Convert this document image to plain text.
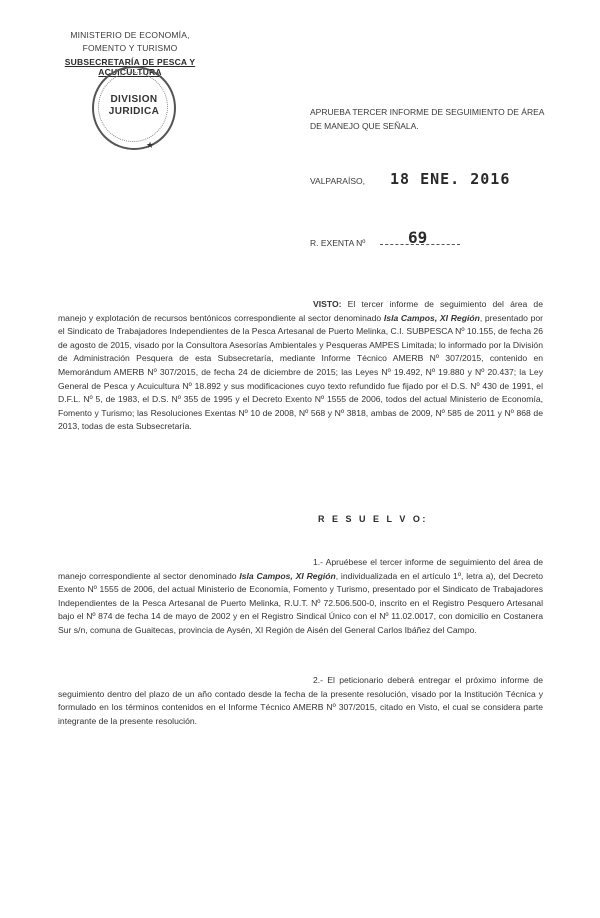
MINISTERIO DE ECONOMÍA,
FOMENTO Y TURISMO
SUBSECRETARÍA DE PESCA Y ACUICULTURA
DIVISION
JURIDICA
★
APRUEBA TERCER INFORME DE SEGUIMIENTO DE ÁREA DE MANEJO QUE SEÑALA.
VALPARAÍSO, 18 ENE. 2016
R. EXENTA Nº	69
VISTO: El tercer informe de seguimiento del área de manejo y explotación de recursos bentónicos correspondiente al sector denominado Isla Campos, XI Región, presentado por el Sindicato de Trabajadores Independientes de la Pesca Artesanal de Puerto Melinka, C.I. SUBPESCA Nº 10.155, de fecha 26 de agosto de 2015, visado por la Consultora Asesorías Ambientales y Pesqueras AMPES Limitada; lo informado por la División de Administración Pesquera de esta Subsecretaría, mediante Informe Técnico AMERB Nº 307/2015, contenido en Memorándum AMERB Nº 307/2015, de fecha 24 de diciembre de 2015; las Leyes Nº 19.492, Nº 19.880 y Nº 20.437; la Ley General de Pesca y Acuicultura Nº 18.892 y sus modificaciones cuyo texto refundido fue fijado por el D.S. Nº 430 de 1991, el D.F.L. Nº 5, de 1983, el D.S. Nº 355 de 1995 y el Decreto Exento Nº 1555 de 2006, todos del actual Ministerio de Economía, Fomento y Turismo; las Resoluciones Exentas Nº 10 de 2008, Nº 568 y Nº 3818, ambas de 2009, Nº 585 de 2011 y Nº 868 de 2013, todas de esta Subsecretaría.
R E S U E L V O:
1.- Apruébese el tercer informe de seguimiento del área de manejo correspondiente al sector denominado Isla Campos, XI Región, individualizada en el artículo 1º, letra a), del Decreto Exento Nº 1555 de 2006, del actual Ministerio de Economía, Fomento y Turismo, presentado por el Sindicato de Trabajadores Independientes de la Pesca Artesanal de Puerto Melinka, R.U.T. Nº 72.506.500-0, inscrito en el Registro Pesquero Artesanal bajo el Nº 874 de fecha 14 de mayo de 2002 y en el Registro Sindical Único con el Nº 11.02.0017, con domicilio en Costanera Sur s/n, comuna de Guaitecas, provincia de Aysén, XI Región de Aisén del General Carlos Ibáñez del Campo.
2.- El peticionario deberá entregar el próximo informe de seguimiento dentro del plazo de un año contado desde la fecha de la presente resolución, visado por la Institución Técnica y formulado en los términos contenidos en el Informe Técnico AMERB Nº 307/2015, citado en Visto, el cual se considera parte integrante de la presente resolución.
